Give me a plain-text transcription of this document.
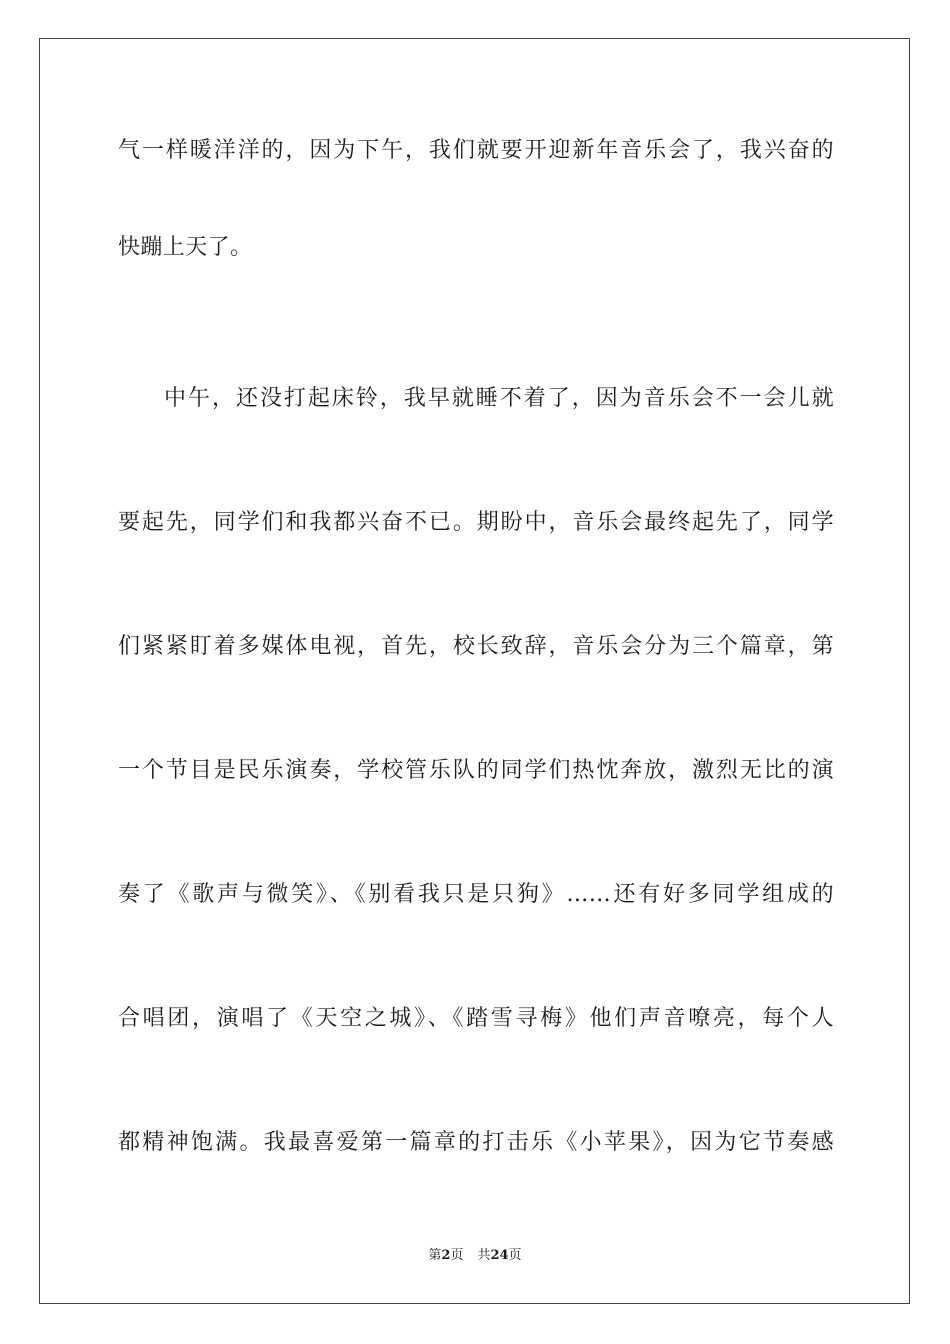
气一样暖洋洋的，因为下午，我们就要开迎新年音乐会了，我兴奋的
快蹦上天了。
中午，还没打起床铃，我早就睡不着了，因为音乐会不一会儿就
要起先，同学们和我都兴奋不已。期盼中，音乐会最终起先了，同学
们紧紧盯着多媒体电视，首先，校长致辞，音乐会分为三个篇章，第
一个节目是民乐演奏，学校管乐队的同学们热忱奔放，激烈无比的演
奏了《歌声与微笑》、《别看我只是只狗》……还有好多同学组成的
合唱团，演唱了《天空之城》、《踏雪寻梅》他们声音嘹亮，每个人
都精神饱满。我最喜爱第一篇章的打击乐《小苹果》，因为它节奏感
第2页 共24页
